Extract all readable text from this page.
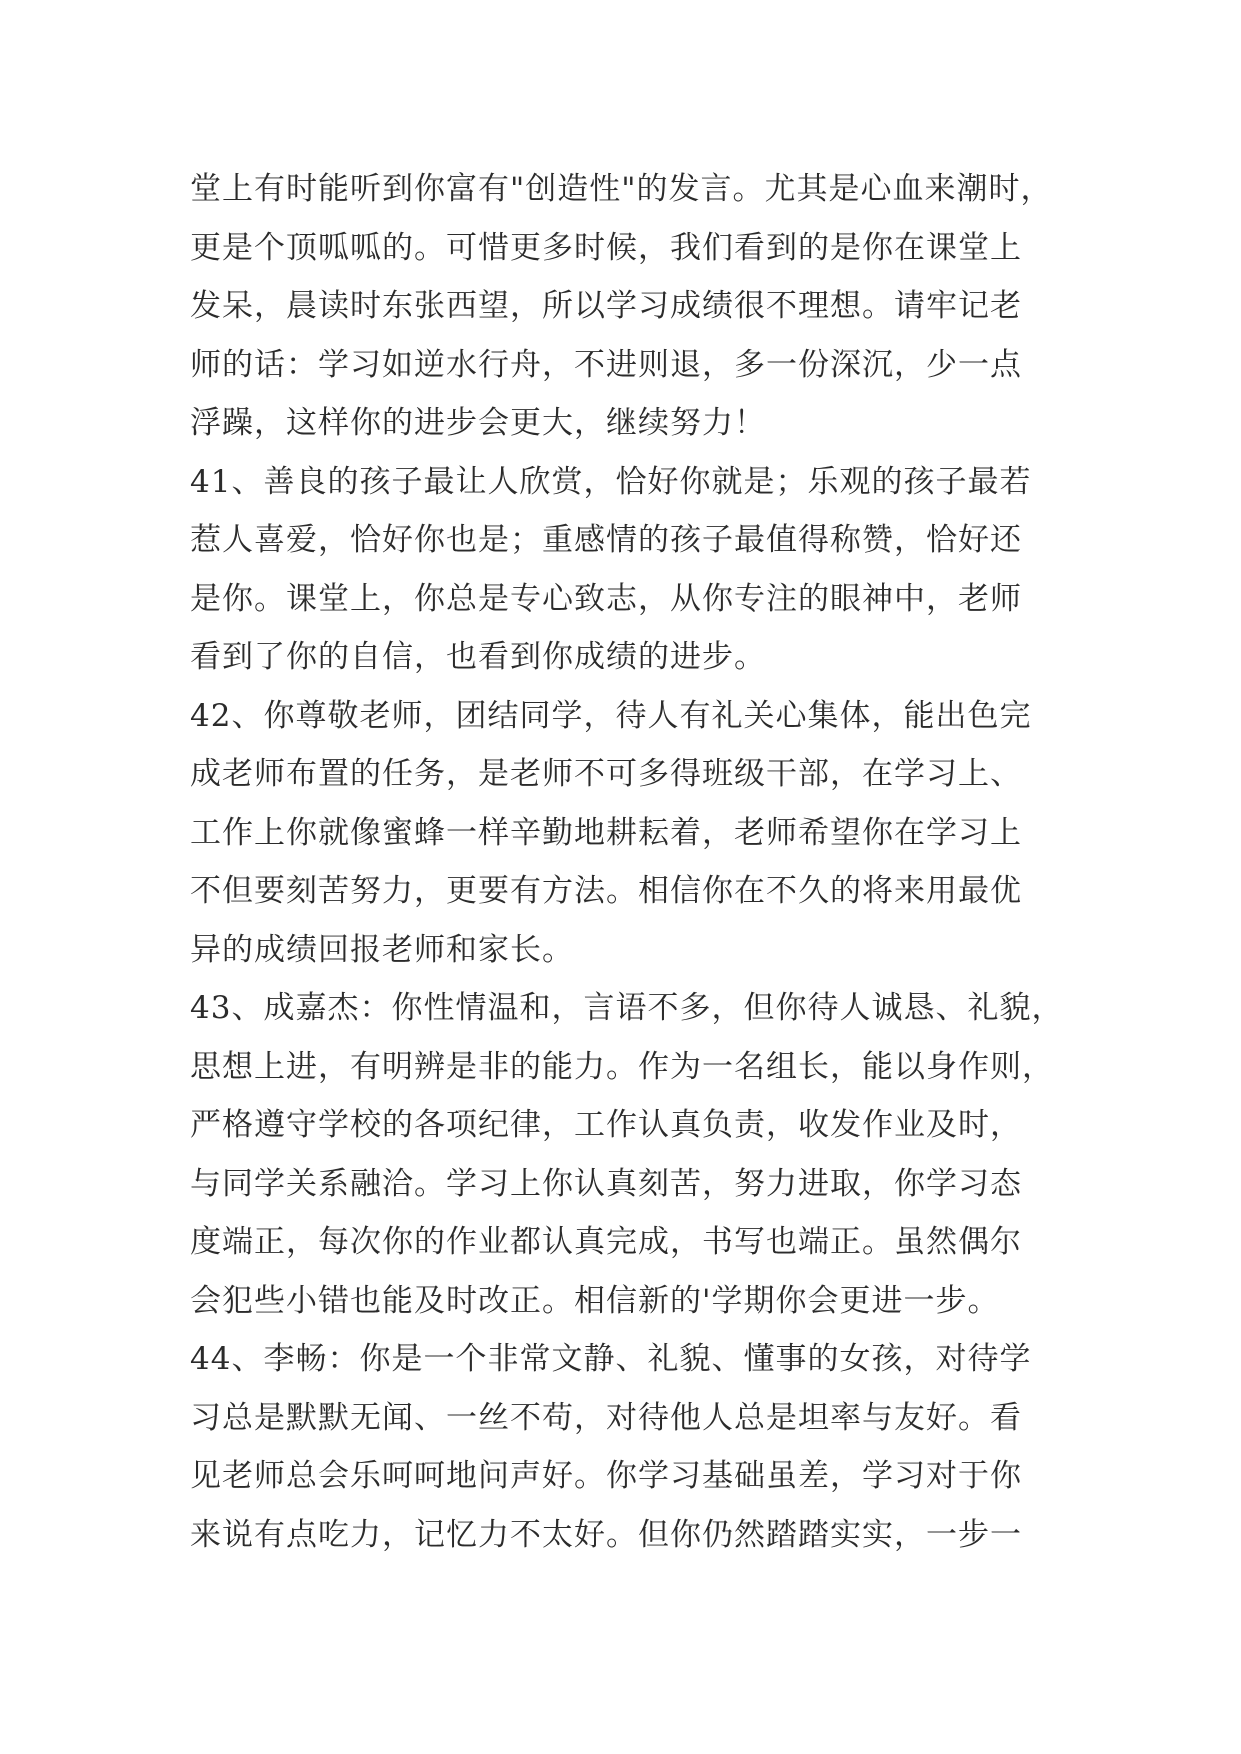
堂上有时能听到你富有"创造性"的发言。尤其是心血来潮时，
更是个顶呱呱的。可惜更多时候，我们看到的是你在课堂上
发呆，晨读时东张西望，所以学习成绩很不理想。请牢记老
师的话：学习如逆水行舟，不进则退，多一份深沉，少一点
浮躁，这样你的进步会更大，继续努力！
41、善良的孩子最让人欣赏，恰好你就是；乐观的孩子最若
惹人喜爱，恰好你也是；重感情的孩子最值得称赞，恰好还
是你。课堂上，你总是专心致志，从你专注的眼神中，老师
看到了你的自信，也看到你成绩的进步。
42、你尊敬老师，团结同学，待人有礼关心集体，能出色完
成老师布置的任务，是老师不可多得班级干部，在学习上、
工作上你就像蜜蜂一样辛勤地耕耘着，老师希望你在学习上
不但要刻苦努力，更要有方法。相信你在不久的将来用最优
异的成绩回报老师和家长。
43、成嘉杰：你性情温和，言语不多，但你待人诚恳、礼貌，
思想上进，有明辨是非的能力。作为一名组长，能以身作则，
严格遵守学校的各项纪律，工作认真负责，收发作业及时，
与同学关系融洽。学习上你认真刻苦，努力进取，你学习态
度端正，每次你的作业都认真完成，书写也端正。虽然偶尔
会犯些小错也能及时改正。相信新的'学期你会更进一步。
44、李畅：你是一个非常文静、礼貌、懂事的女孩，对待学
习总是默默无闻、一丝不苟，对待他人总是坦率与友好。看
见老师总会乐呵呵地问声好。你学习基础虽差，学习对于你
来说有点吃力，记忆力不太好。但你仍然踏踏实实，一步一
